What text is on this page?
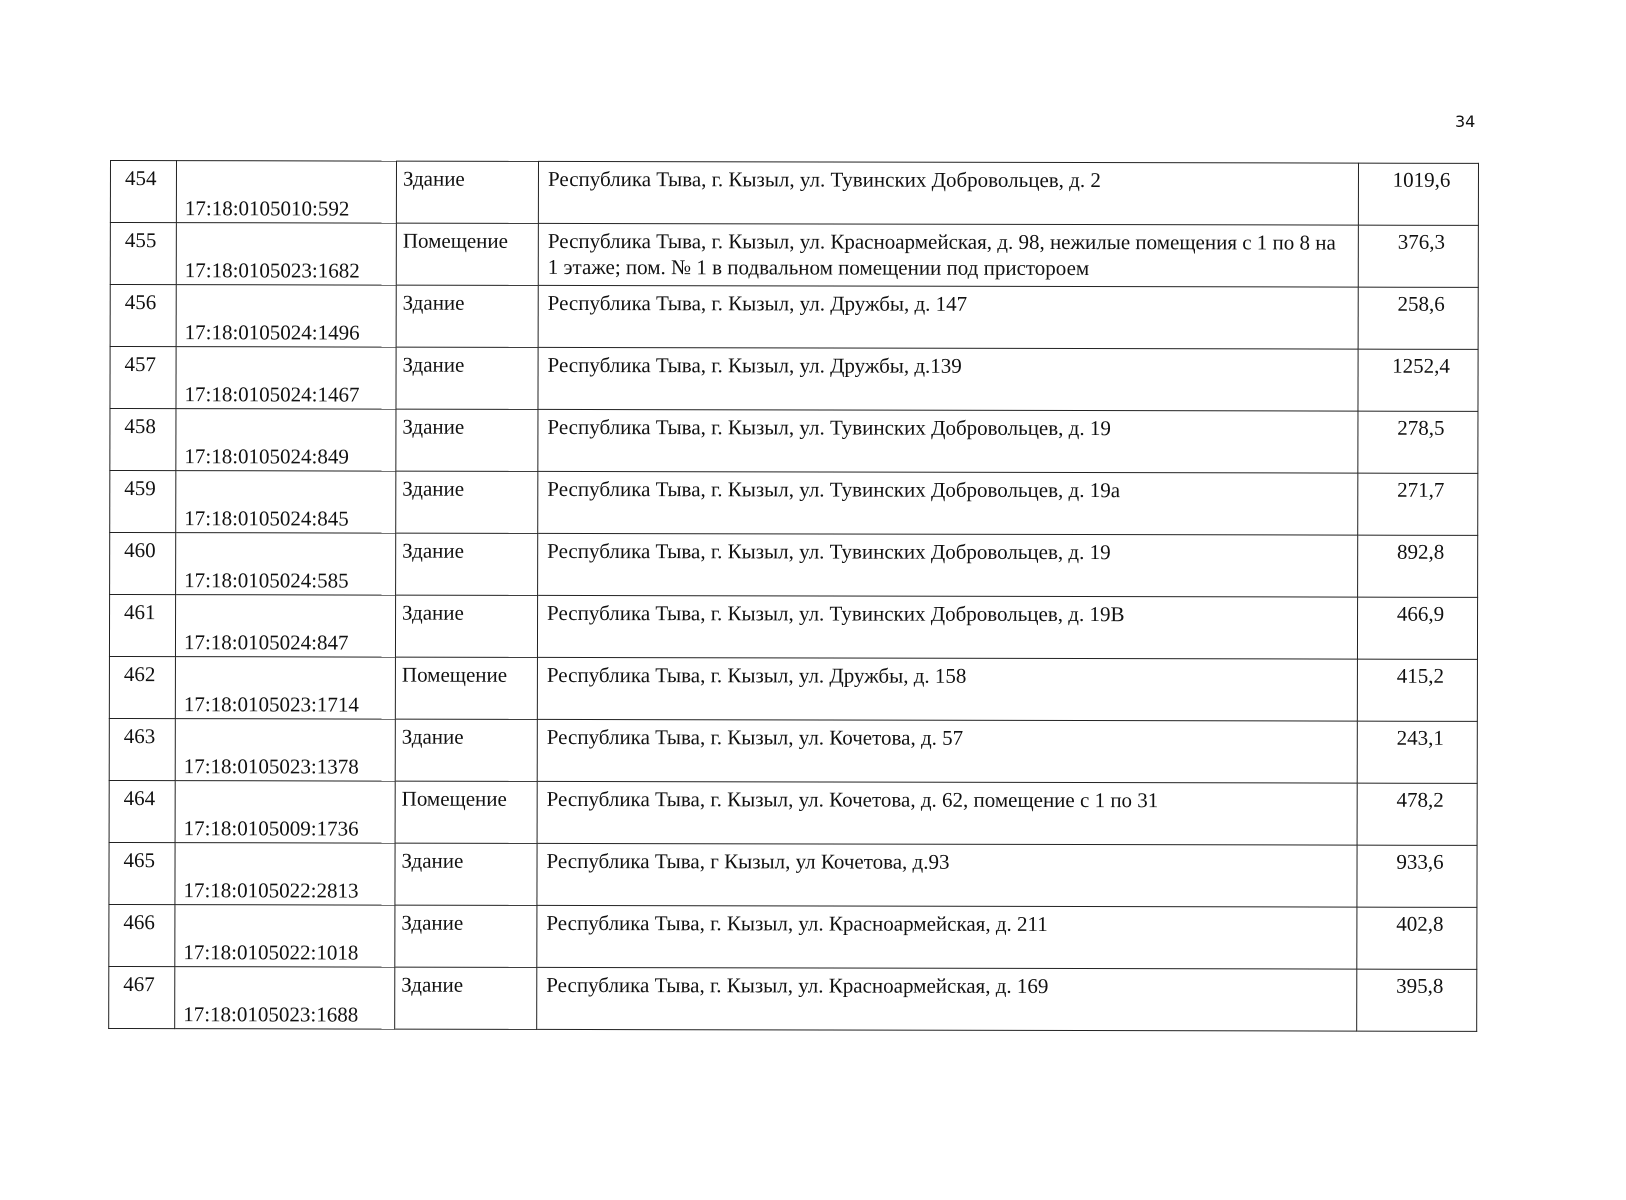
34
454	17:18:0105010:592	Здание	Республика Тыва, г. Кызыл, ул. Тувинских Добровольцев, д. 2	1019,6

455	17:18:0105023:1682	Помещение	Республика Тыва, г. Кызыл, ул. Красноармейская, д. 98, нежилые помещения с 1 по 8 на 1 этаже; пом. № 1 в подвальном помещении под пристороем	376,3

456	17:18:0105024:1496	Здание	Республика Тыва, г. Кызыл, ул. Дружбы, д. 147	258,6

457	17:18:0105024:1467	Здание	Республика Тыва, г. Кызыл, ул. Дружбы, д.139	1252,4

458	17:18:0105024:849	Здание	Республика Тыва, г. Кызыл, ул. Тувинских Добровольцев, д. 19	278,5

459	17:18:0105024:845	Здание	Республика Тыва, г. Кызыл, ул. Тувинских Добровольцев, д. 19а	271,7

460	17:18:0105024:585	Здание	Республика Тыва, г. Кызыл, ул. Тувинских Добровольцев, д. 19	892,8

461	17:18:0105024:847	Здание	Республика Тыва, г. Кызыл, ул. Тувинских Добровольцев, д. 19В	466,9

462	17:18:0105023:1714	Помещение	Республика Тыва, г. Кызыл, ул. Дружбы, д. 158	415,2

463	17:18:0105023:1378	Здание	Республика Тыва, г. Кызыл, ул. Кочетова, д. 57	243,1

464	17:18:0105009:1736	Помещение	Республика Тыва, г. Кызыл, ул. Кочетова, д. 62, помещение с 1 по 31	478,2

465	17:18:0105022:2813	Здание	Республика Тыва, г Кызыл, ул Кочетова, д.93	933,6

466	17:18:0105022:1018	Здание	Республика Тыва, г. Кызыл, ул. Красноармейская, д. 211	402,8

467	17:18:0105023:1688	Здание	Республика Тыва, г. Кызыл, ул. Красноармейская, д. 169	395,8
